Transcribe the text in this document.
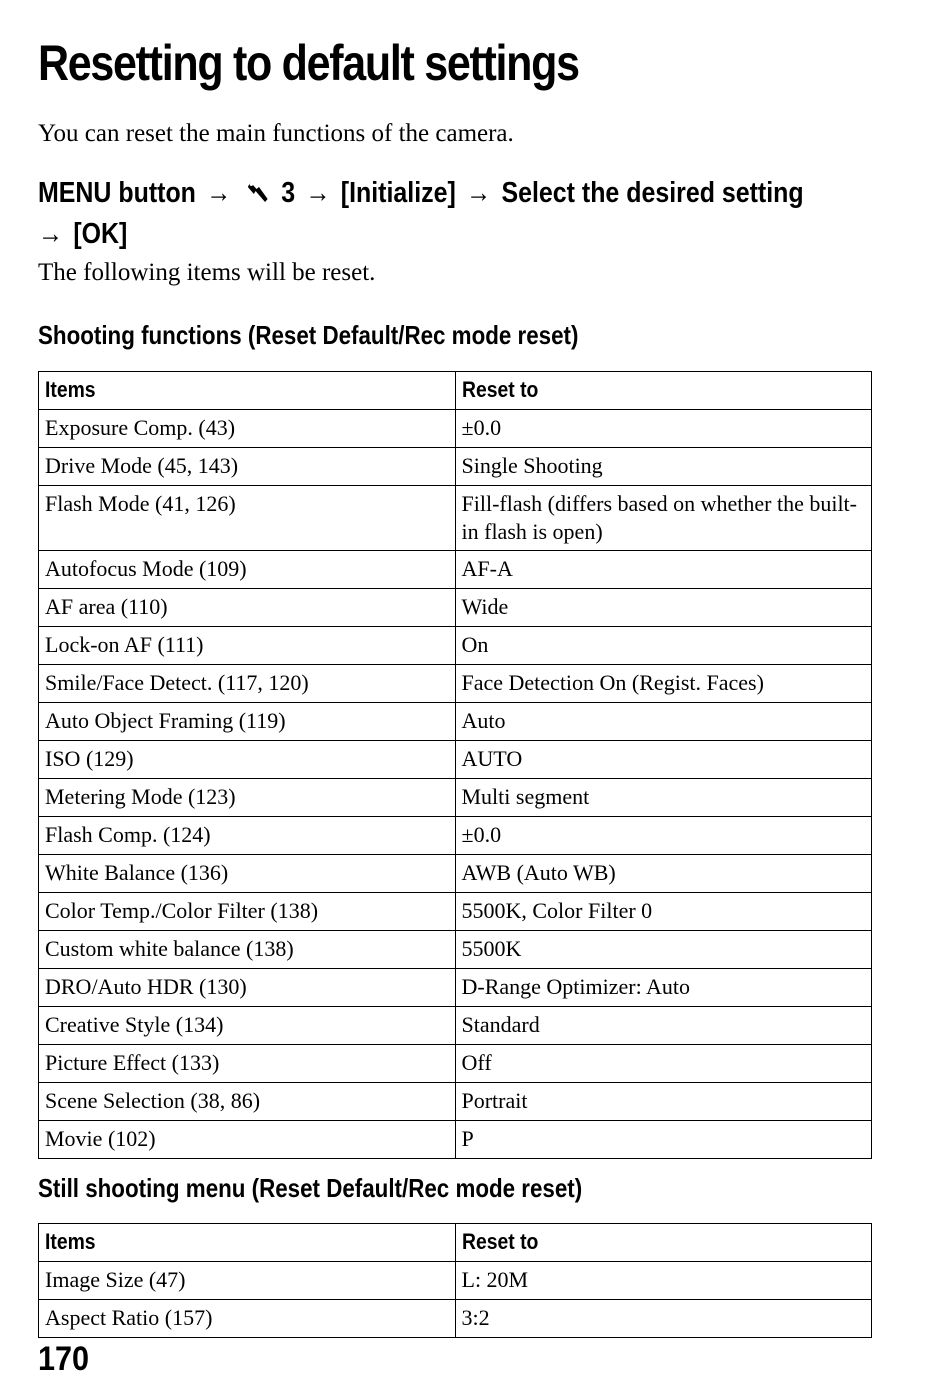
Resetting to default settings

You can reset the main functions of the camera.

MENU button → 3 → [Initialize] → Select the desired setting
→ [OK]

The following items will be reset.

Shooting functions (Reset Default/Rec mode reset)
Items	Reset to
Exposure Comp. (43)	±0.0
Drive Mode (45, 143)	Single Shooting
Flash Mode (41, 126)	Fill-flash (differs based on whether the built-in flash is open)
Autofocus Mode (109)	AF-A
AF area (110)	Wide
Lock-on AF (111)	On
Smile/Face Detect. (117, 120)	Face Detection On (Regist. Faces)
Auto Object Framing (119)	Auto
ISO (129)	AUTO
Metering Mode (123)	Multi segment
Flash Comp. (124)	±0.0
White Balance (136)	AWB (Auto WB)
Color Temp./Color Filter (138)	5500K, Color Filter 0
Custom white balance (138)	5500K
DRO/Auto HDR (130)	D-Range Optimizer: Auto
Creative Style (134)	Standard
Picture Effect (133)	Off
Scene Selection (38, 86)	Portrait
Movie (102)	P
Still shooting menu (Reset Default/Rec mode reset)
Items	Reset to
Image Size (47)	L: 20M
Aspect Ratio (157)	3:2
170
